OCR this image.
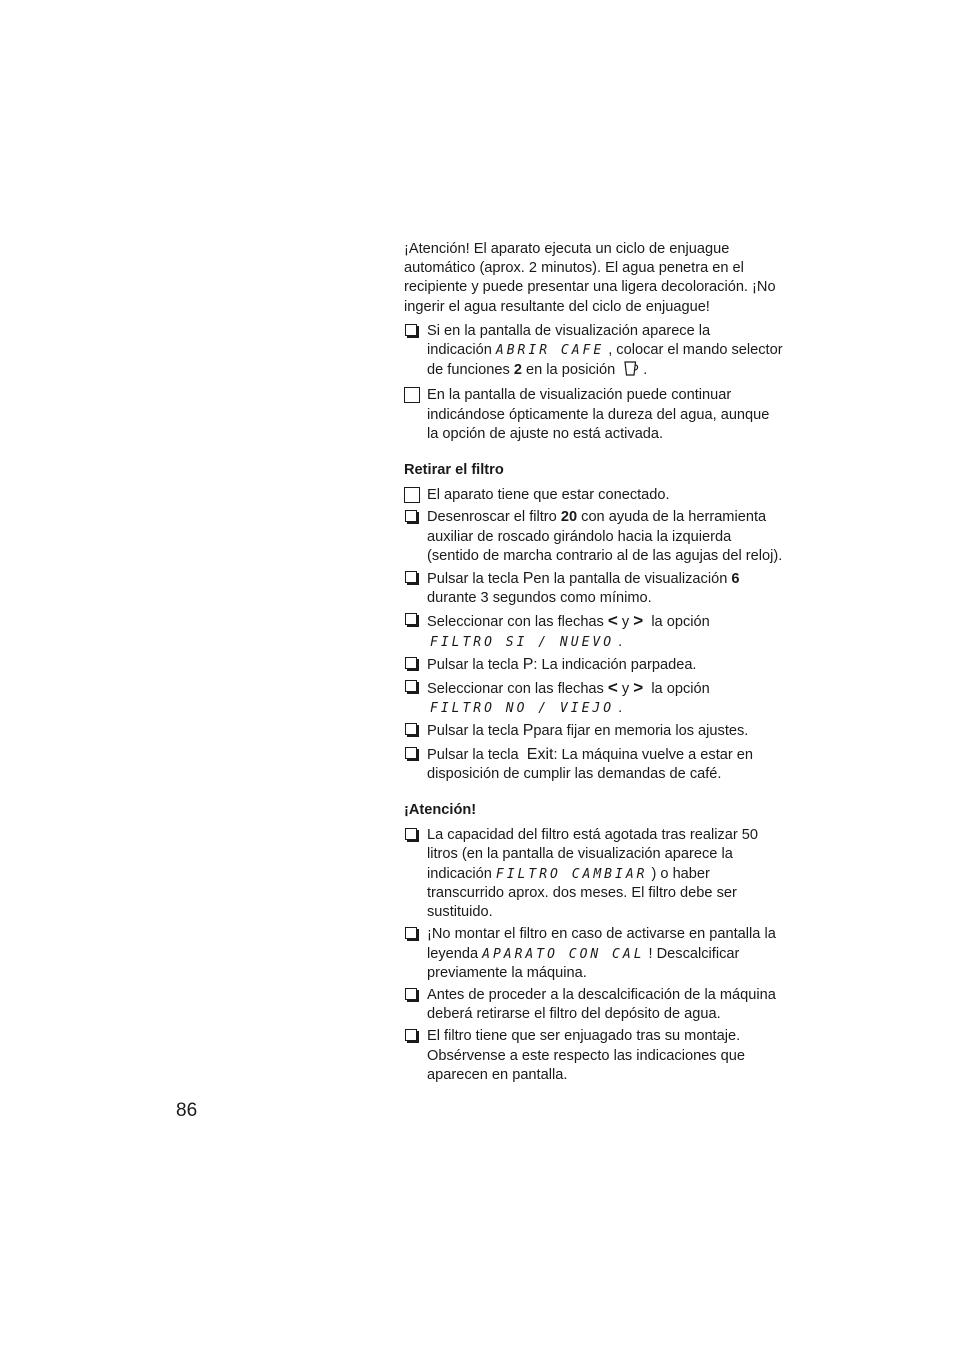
¡Atención! El aparato ejecuta un ciclo de enjuague automático (aprox. 2 minutos). El agua penetra en el recipiente y puede presentar una ligera decoloración. ¡No ingerir el agua resultante del ciclo de enjuague!

Si en la pantalla de visualización aparece la indicación ABRIR CAFE , colocar el mando selector de funciones 2 en la posición .
En la pantalla de visualización puede continuar indicándose ópticamente la dureza del agua, aunque la opción de ajuste no está activada.
Retirar el filtro
El aparato tiene que estar conectado.
Desenroscar el filtro 20 con ayuda de la herramienta auxiliar de roscado girándolo hacia la izquierda (sentido de marcha contrario al de las agujas del reloj).
Pulsar la tecla Pen la pantalla de visualización 6 durante 3 segundos como mínimo.
Seleccionar con las flechas < y > la opción
FILTRO SI / NUEVO .
Pulsar la tecla P: La indicación parpadea.
Seleccionar con las flechas < y > la opción
FILTRO NO / VIEJO .
Pulsar la tecla Ppara fijar en memoria los ajustes.
Pulsar la tecla Exit: La máquina vuelve a estar en disposición de cumplir las demandas de café.
¡Atención!
La capacidad del filtro está agotada tras realizar 50 litros (en la pantalla de visualización aparece la indicación FILTRO CAMBIAR ) o haber transcurrido aprox. dos meses. El filtro debe ser sustituido.
¡No montar el filtro en caso de activarse en pantalla la leyenda APARATO CON CAL ! Descalcificar previamente la máquina.
Antes de proceder a la descalcificación de la máquina deberá retirarse el filtro del depósito de agua.
El filtro tiene que ser enjuagado tras su montaje. Obsérvense a este respecto las indicaciones que aparecen en pantalla.
86
